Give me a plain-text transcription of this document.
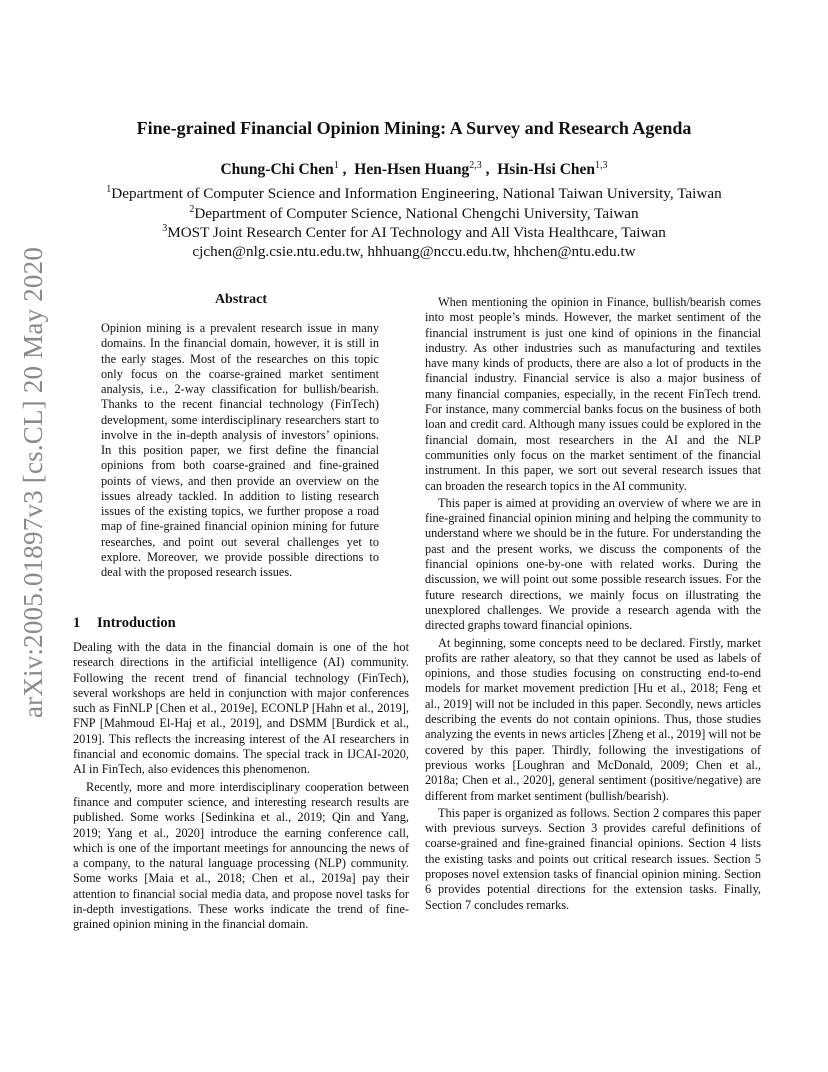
arXiv:2005.01897v3 [cs.CL] 20 May 2020
Fine-grained Financial Opinion Mining: A Survey and Research Agenda
Chung-Chi Chen$^1$ ,  Hen-Hsen Huang$^{2,3}$ ,  Hsin-Hsi Chen$^{1,3}$
$^1$Department of Computer Science and Information Engineering, National Taiwan University, Taiwan
$^2$Department of Computer Science, National Chengchi University, Taiwan
$^3$MOST Joint Research Center for AI Technology and All Vista Healthcare, Taiwan
cjchen@nlg.csie.ntu.edu.tw, hhhuang@nccu.edu.tw, hhchen@ntu.edu.tw
Abstract
Opinion mining is a prevalent research issue in many domains. In the financial domain, however, it is still in the early stages. Most of the researches on this topic only focus on the coarse-grained market sentiment analysis, i.e., 2-way classification for bullish/bearish. Thanks to the recent financial technology (FinTech) development, some interdisciplinary researchers start to involve in the in-depth analysis of investors’ opinions. In this position paper, we first define the financial opinions from both coarse-grained and fine-grained points of views, and then provide an overview on the issues already tackled. In addition to listing research issues of the existing topics, we further propose a road map of fine-grained financial opinion mining for future researches, and point out several challenges yet to explore. Moreover, we provide possible directions to deal with the proposed research issues.
1 Introduction

Dealing with the data in the financial domain is one of the hot research directions in the artificial intelligence (AI) community. Following the recent trend of financial technology (FinTech), several workshops are held in conjunction with major conferences such as FinNLP [Chen et al., 2019e], ECONLP [Hahn et al., 2019], FNP [Mahmoud El-Haj et al., 2019], and DSMM [Burdick et al., 2019]. This reflects the increasing interest of the AI researchers in financial and economic domains. The special track in IJCAI-2020, AI in FinTech, also evidences this phenomenon.

Recently, more and more interdisciplinary cooperation between finance and computer science, and interesting research results are published. Some works [Sedinkina et al., 2019; Qin and Yang, 2019; Yang et al., 2020] introduce the earning conference call, which is one of the important meetings for announcing the news of a company, to the natural language processing (NLP) community. Some works [Maia et al., 2018; Chen et al., 2019a] pay their attention to financial social media data, and propose novel tasks for in-depth investigations. These works indicate the trend of fine-grained opinion mining in the financial domain.

When mentioning the opinion in Finance, bullish/bearish comes into most people’s minds. However, the market sentiment of the financial instrument is just one kind of opinions in the financial industry. As other industries such as manufacturing and textiles have many kinds of products, there are also a lot of products in the financial industry. Financial service is also a major business of many financial companies, especially, in the recent FinTech trend. For instance, many commercial banks focus on the business of both loan and credit card. Although many issues could be explored in the financial domain, most researchers in the AI and the NLP communities only focus on the market sentiment of the financial instrument. In this paper, we sort out several research issues that can broaden the research topics in the AI community.

This paper is aimed at providing an overview of where we are in fine-grained financial opinion mining and helping the community to understand where we should be in the future. For understanding the past and the present works, we discuss the components of the financial opinions one-by-one with related works. During the discussion, we will point out some possible research issues. For the future research directions, we mainly focus on illustrating the unexplored challenges. We provide a research agenda with the directed graphs toward financial opinions.

At beginning, some concepts need to be declared. Firstly, market profits are rather aleatory, so that they cannot be used as labels of opinions, and those studies focusing on constructing end-to-end models for market movement prediction [Hu et al., 2018; Feng et al., 2019] will not be included in this paper. Secondly, news articles describing the events do not contain opinions. Thus, those studies analyzing the events in news articles [Zheng et al., 2019] will not be covered by this paper. Thirdly, following the investigations of previous works [Loughran and McDonald, 2009; Chen et al., 2018a; Chen et al., 2020], general sentiment (positive/negative) are different from market sentiment (bullish/bearish).

This paper is organized as follows. Section 2 compares this paper with previous surveys. Section 3 provides careful definitions of coarse-grained and fine-grained financial opinions. Section 4 lists the existing tasks and points out critical research issues. Section 5 proposes novel extension tasks of financial opinion mining. Section 6 provides potential directions for the extension tasks. Finally, Section 7 concludes remarks.
